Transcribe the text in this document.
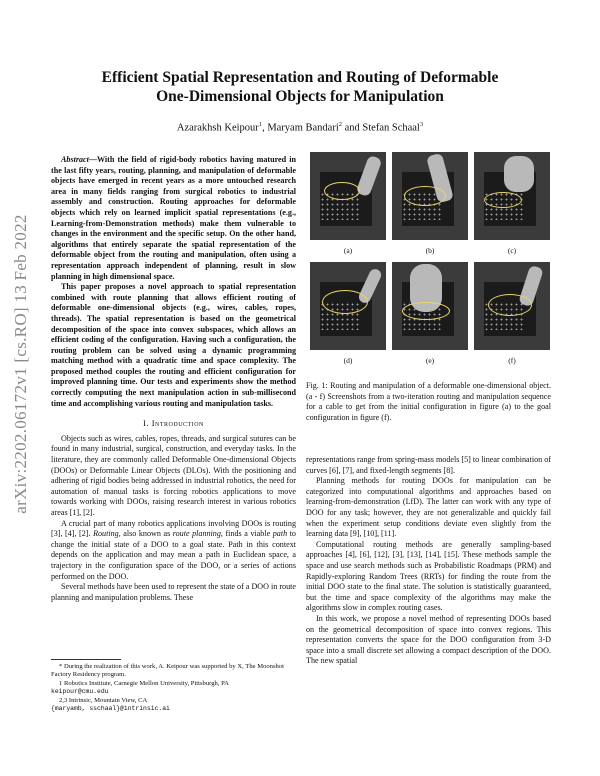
Efficient Spatial Representation and Routing of Deformable
One-Dimensional Objects for Manipulation
Azarakhsh Keipour$^1$, Maryam Bandari$^2$ and Stefan Schaal$^3$
arXiv:2202.06172v1 [cs.RO] 13 Feb 2022

Abstract—With the field of rigid-body robotics having matured in the last fifty years, routing, planning, and manipulation of deformable objects have emerged in recent years as a more untouched research area in many fields ranging from surgical robotics to industrial assembly and construction. Routing approaches for deformable objects which rely on learned implicit spatial representations (e.g., Learning-from-Demonstration methods) make them vulnerable to changes in the environment and the specific setup. On the other hand, algorithms that entirely separate the spatial representation of the deformable object from the routing and manipulation, often using a representation approach independent of planning, result in slow planning in high dimensional space.

This paper proposes a novel approach to spatial representation combined with route planning that allows efficient routing of deformable one-dimensional objects (e.g., wires, cables, ropes, threads). The spatial representation is based on the geometrical decomposition of the space into convex subspaces, which allows an efficient coding of the configuration. Having such a configuration, the routing problem can be solved using a dynamic programming matching method with a quadratic time and space complexity. The proposed method couples the routing and efficient configuration for improved planning time. Our tests and experiments show the method correctly computing the next manipulation action in sub-millisecond time and accomplishing various routing and manipulation tasks.

I. Introduction

Objects such as wires, cables, ropes, threads, and surgical sutures can be found in many industrial, surgical, construction, and everyday tasks. In the literature, they are commonly called Deformable One-dimensional Objects (DOOs) or Deformable Linear Objects (DLOs). With the positioning and adhering of rigid bodies being addressed in industrial robotics, the need for automation of manual tasks is forcing robotics applications to move towards working with DOOs, raising research interest in various robotics areas [1], [2].

A crucial part of many robotics applications involving DOOs is routing [3], [4], [2]. Routing, also known as route planning, finds a viable path to change the initial state of a DOO to a goal state. Path in this context depends on the application and may mean a path in Euclidean space, a trajectory in the configuration space of the DOO, or a series of actions performed on the DOO.

Several methods have been used to represent the state of a DOO in route planning and manipulation problems. These

* During the realization of this work, A. Keipour was supported by X, The Moonshot Factory Residency program.
1 Robotics Institute, Carnegie Mellon University, Pittsburgh, PA
keipour@cmu.edu
2,3 Intrinsic, Mountain View, CA
{maryamb, sschaal}@intrinsic.ai
(a)	(b)	(c)
(d)	(e)	(f)
Fig. 1: Routing and manipulation of a deformable one-dimensional object. (a - f) Screenshots from a two-iteration routing and manipulation sequence for a cable to get from the initial configuration in figure (a) to the goal configuration in figure (f).

representations range from spring-mass models [5] to linear combination of curves [6], [7], and fixed-length segments [8].

Planning methods for routing DOOs for manipulation can be categorized into computational algorithms and approaches based on learning-from-demonstration (LfD). The latter can work with any type of DOO for any task; however, they are not generalizable and quickly fail when the experiment setup conditions deviate even slightly from the learning data [9], [10], [11].

Computational routing methods are generally sampling-based approaches [4], [6], [12], [3], [13], [14], [15]. These methods sample the space and use search methods such as Probabilistic Roadmaps (PRM) and Rapidly-exploring Random Trees (RRTs) for finding the route from the initial DOO state to the final state. The solution is statistically guaranteed, but the time and space complexity of the algorithms may make the algorithms slow in complex routing cases.

In this work, we propose a novel method of representing DOOs based on the geometrical decomposition of space into convex regions. This representation converts the space for the DOO configuration from 3-D space into a small discrete set allowing a compact description of the DOO. The new spatial
